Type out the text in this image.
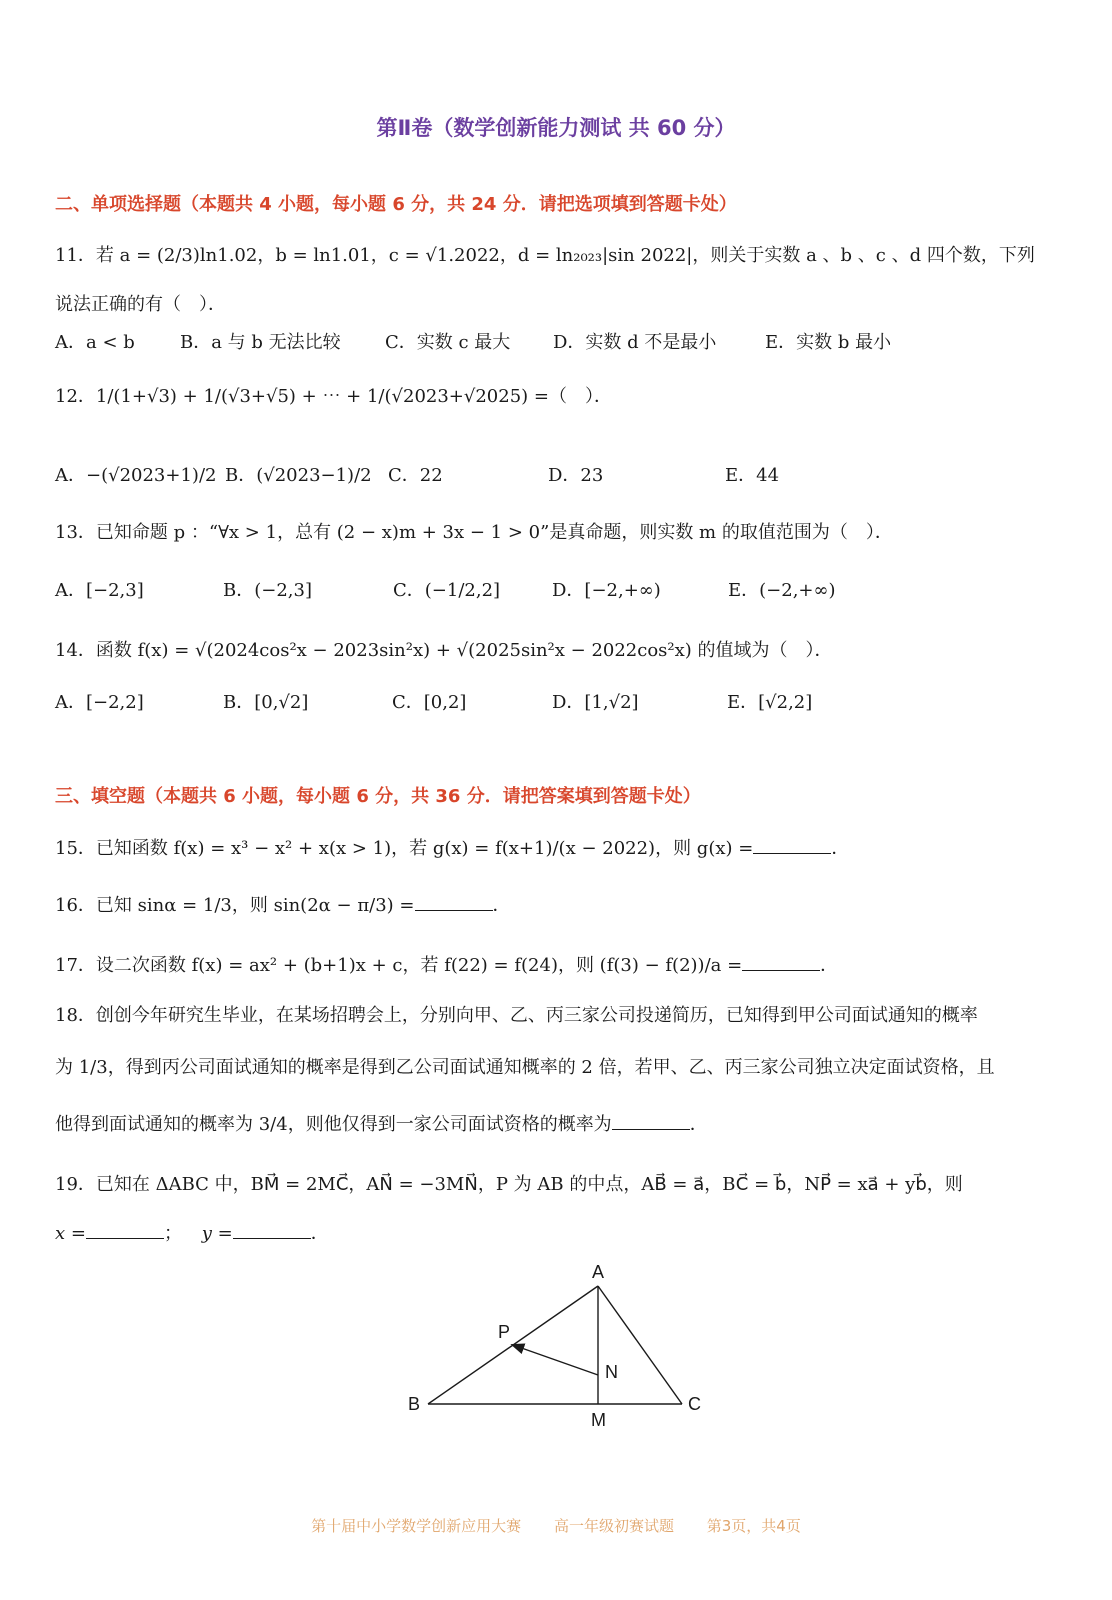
第Ⅱ卷（数学创新能力测试 共 60 分）
二、单项选择题（本题共 4 小题，每小题 6 分，共 24 分．请把选项填到答题卡处）
11．若 a = (2/3)ln1.02，b = ln1.01，c = √1.2022，d = ln₂₀₂₃|sin 2022|，则关于实数 a 、b 、c 、d 四个数，下列
说法正确的有（　）．
A．a < b	B．a 与 b 无法比较 C．实数 c 最大 D．实数 d 不是最小	E．实数 b 最小
12．1/(1+√3) + 1/(√3+√5) + ⋯ + 1/(√2023+√2025) =（　）．
A．−(√2023+1)/2 B．(√2023−1)/2 C．22	D．23	E．44
13．已知命题 p ：“∀x > 1，总有 (2 − x)m + 3x − 1 > 0”是真命题，则实数 m 的取值范围为（　）．
A．[−2,3]	B．(−2,3]	C．(−1/2,2]	D．[−2,+∞)	E．(−2,+∞)
14．函数 f(x) = √(2024cos²x − 2023sin²x) + √(2025sin²x − 2022cos²x) 的值域为（　）．
A．[−2,2]	B．[0,√2]	C．[0,2]	D．[1,√2]	E．[√2,2]
三、填空题（本题共 6 小题，每小题 6 分，共 36 分．请把答案填到答题卡处）
15．已知函数 f(x) = x³ − x² + x(x > 1)，若 g(x) = f(x+1)/(x − 2022)，则 g(x) =	．
16．已知 sinα = 1/3，则 sin(2α − π/3) =	．
17．设二次函数 f(x) = ax² + (b+1)x + c，若 f(22) = f(24)，则 (f(3) − f(2))/a =	．
18．创创今年研究生毕业，在某场招聘会上，分别向甲、乙、丙三家公司投递简历，已知得到甲公司面试通知的概率
为 1/3，得到丙公司面试通知的概率是得到乙公司面试通知概率的 2 倍，若甲、乙、丙三家公司独立决定面试资格，且
他得到面试通知的概率为 3/4，则他仅得到一家公司面试资格的概率为	．
19．已知在 ΔABC 中，BM⃗ = 2MC⃗，AN⃗ = −3MN⃗，P 为 AB 的中点，AB⃗ = a⃗，BC⃗ = b⃗，NP⃗ = xa⃗ + yb⃗，则
x =	； y =	．
A
B	C
M
N
P
第十届中小学数学创新应用大赛 高一年级初赛试题 第3页，共4页
